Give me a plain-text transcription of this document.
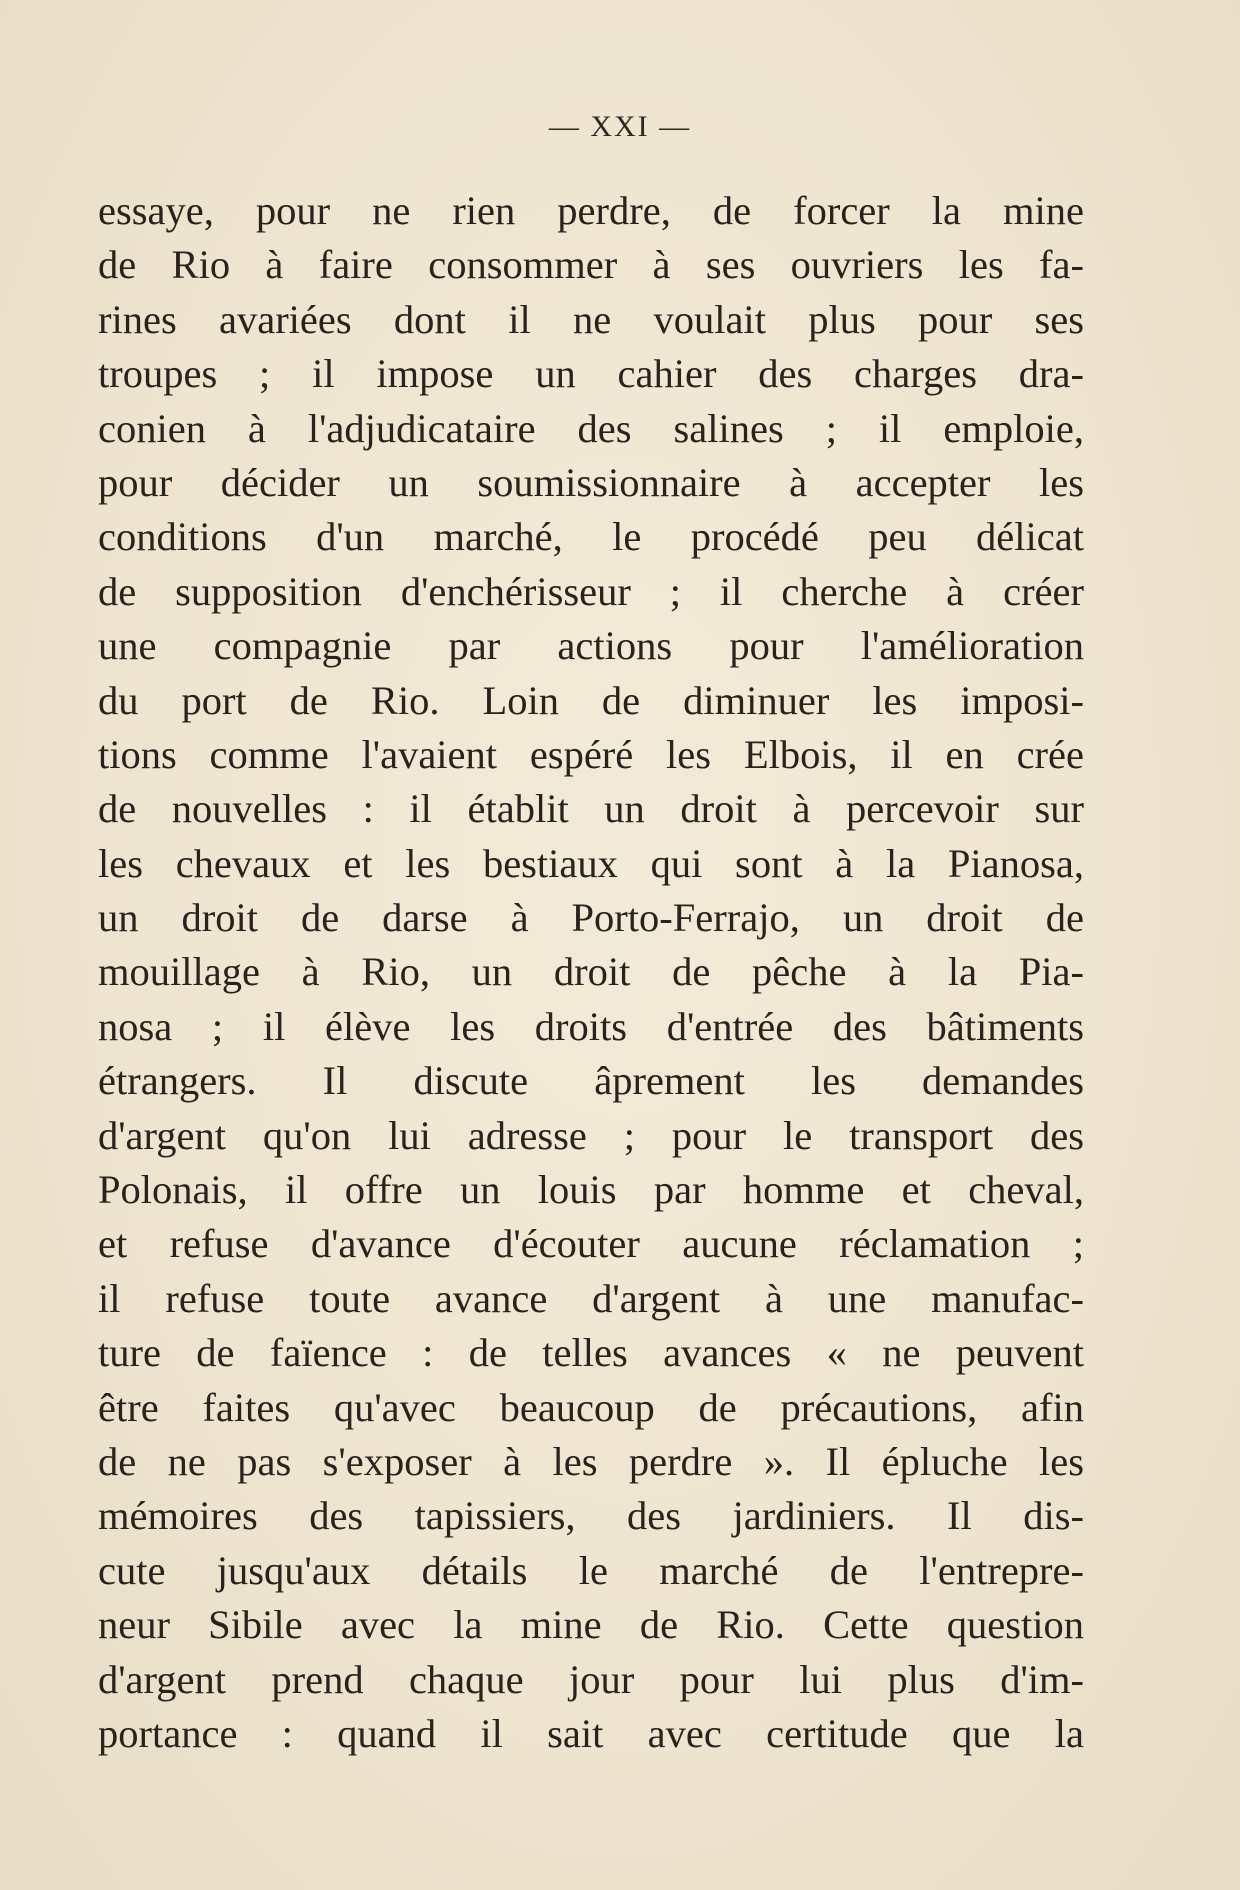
— XXI —
essaye, pour ne rien perdre, de forcer la mine
de Rio à faire consommer à ses ouvriers les fa-
rines avariées dont il ne voulait plus pour ses
troupes ; il impose un cahier des charges dra-
conien à l'adjudicataire des salines ; il emploie,
pour décider un soumissionnaire à accepter les
conditions d'un marché, le procédé peu délicat
de supposition d'enchérisseur ; il cherche à créer
une compagnie par actions pour l'amélioration
du port de Rio. Loin de diminuer les imposi-
tions comme l'avaient espéré les Elbois, il en crée
de nouvelles : il établit un droit à percevoir sur
les chevaux et les bestiaux qui sont à la Pianosa,
un droit de darse à Porto-Ferrajo, un droit de
mouillage à Rio, un droit de pêche à la Pia-
nosa ; il élève les droits d'entrée des bâtiments
étrangers. Il discute âprement les demandes
d'argent qu'on lui adresse ; pour le transport des
Polonais, il offre un louis par homme et cheval,
et refuse d'avance d'écouter aucune réclamation ;
il refuse toute avance d'argent à une manufac-
ture de faïence : de telles avances « ne peuvent
être faites qu'avec beaucoup de précautions, afin
de ne pas s'exposer à les perdre ». Il épluche les
mémoires des tapissiers, des jardiniers. Il dis-
cute jusqu'aux détails le marché de l'entrepre-
neur Sibile avec la mine de Rio. Cette question
d'argent prend chaque jour pour lui plus d'im-
portance : quand il sait avec certitude que la
